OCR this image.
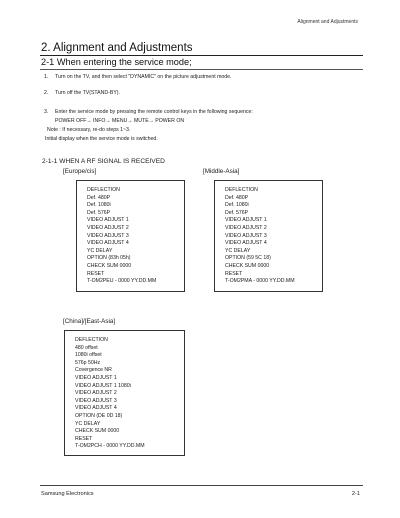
Alignment and Adjustments
2. Alignment and Adjustments
2-1 When entering the service mode;
1. Turn on the TV, and then select "DYNAMIC" on the picture adjustment mode.
2. Turn off the TV(STAND-BY).
3. Enter the service mode by pressing the remote control keys in the following sequence:
POWER OFF→ INFO→ MENU→ MUTE→ POWER ON
Note : If necessary, re-do steps 1~3.
Initial display when the service mode is switched.
2-1-1 WHEN A RF SIGNAL IS RECEIVED
[Europe/cis]	[Middle-Asia]
DEFLECTION
Def. 480P
Def. 1080i
Def. 576P
VIDEO ADJUST 1
VIDEO ADJUST 2
VIDEO ADJUST 3
VIDEO ADJUST 4
YC DELAY
OPTION (83h 05h)
CHECK SUM 0000
RESET
T-OM2PEU - 0000 YY.DD.MM
DEFLECTION
Def. 480P
Def. 1080i
Def. 576P
VIDEO ADJUST 1
VIDEO ADJUST 2
VIDEO ADJUST 3
VIDEO ADJUST 4
YC DELAY
OPTION (59 5C 18)
CHECK SUM 0000
RESET
T-OM2PMA - 0000 YY.DD.MM
[China]/[East-Asia]
DEFLECTION
480 offset
1080i offset
576p 50Hz
Covergence NR
VIDEO ADJUST 1
VIDEO ADJUST 1 1080i
VIDEO ADJUST 2
VIDEO ADJUST 3
VIDEO ADJUST 4
OPTION (DE 0D 18)
YC DELAY
CHECK SUM 0000
RESET
T-OM2PCH - 0000 YY.DD.MM
Samsung Electronics	2-1
